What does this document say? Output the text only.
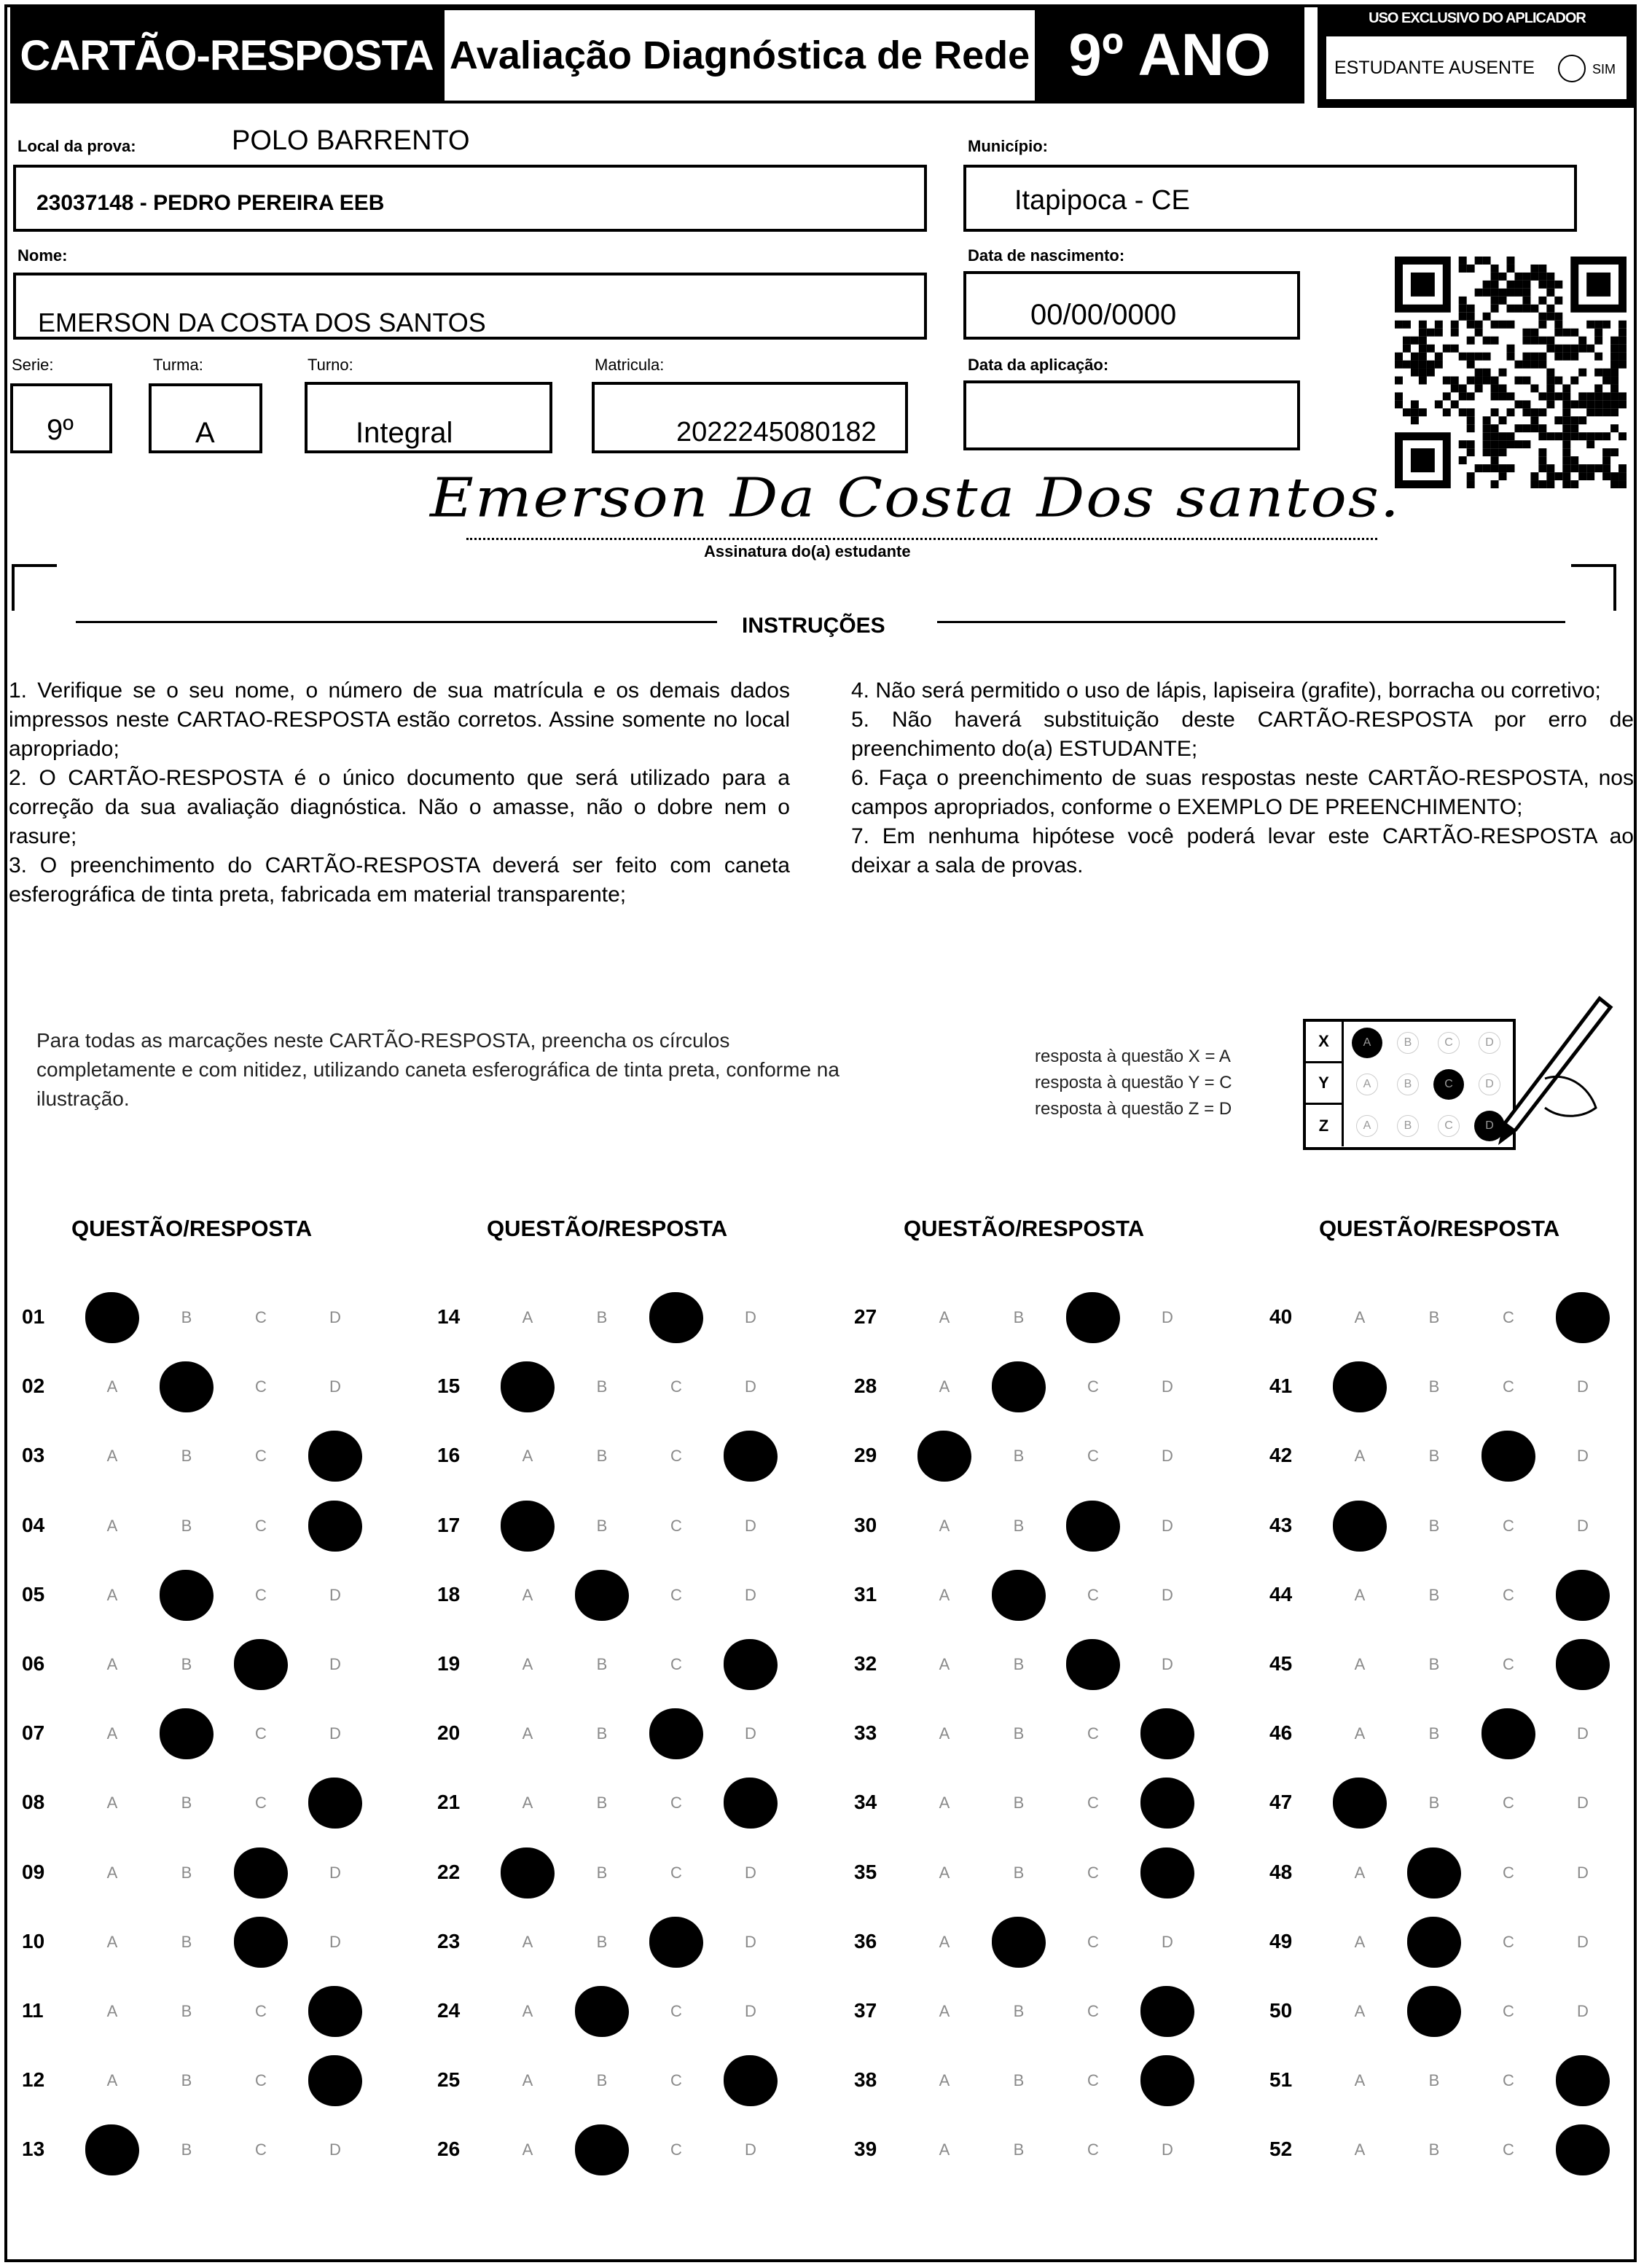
CARTÃO-RESPOSTA Avaliação Diagnóstica de Rede 9º ANO
USO EXCLUSIVO DO APLICADOR
ESTUDANTE AUSENTE	SIM
Local da prova:	POLO BARRENTO
23037148 - PEDRO PEREIRA EEB
Município:
Itapipoca - CE
Nome:
EMERSON DA COSTA DOS SANTOS
Data de nascimento:
00/00/0000
Serie:
9º
Turma:
A
Turno:
Integral
Matricula:
2022245080182
Data da aplicação:
Emerson Da Costa Dos santos.
Assinatura do(a) estudante
INSTRUÇÕES

1. Verifique se o seu nome, o número de sua matrícula e os demais dados impressos neste CARTAO-RESPOSTA estão corretos. Assine somente no local apropriado;

2. O CARTÃO-RESPOSTA é o único documento que será utilizado para a correção da sua avaliação diagnóstica. Não o amasse, não o dobre nem o rasure;

3. O preenchimento do CARTÃO-RESPOSTA deverá ser feito com caneta esferográfica de tinta preta, fabricada em material transparente;

4. Não será permitido o uso de lápis, lapiseira (grafite), borracha ou corretivo;

5. Não haverá substituição deste CARTÃO-RESPOSTA por erro de preenchimento do(a) ESTUDANTE;

6. Faça o preenchimento de suas respostas neste CARTÃO-RESPOSTA, nos campos apropriados, conforme o EXEMPLO DE PREENCHIMENTO;

7. Em nenhuma hipótese você poderá levar este CARTÃO-RESPOSTA ao deixar a sala de provas.

Para todas as marcações neste CARTÃO-RESPOSTA, preencha os círculos completamente e com nitidez, utilizando caneta esferográfica de tinta preta, conforme na ilustração.
resposta à questão X = A
resposta à questão Y = C
resposta à questão Z = D
X	A	B	C	D
Y	A	B	C	D
Z	A	B	C	D
QUESTÃO/RESPOSTA
01	A	B	C	D
02	A	B	C	D
03	A	B	C	D
04	A	B	C	D
05	A	B	C	D
06	A	B	C	D
07	A	B	C	D
08	A	B	C	D
09	A	B	C	D
10	A	B	C	D
11	A	B	C	D
12	A	B	C	D
13	A	B	C	D
QUESTÃO/RESPOSTA
14	A	B	C	D
15	A	B	C	D
16	A	B	C	D
17	A	B	C	D
18	A	B	C	D
19	A	B	C	D
20	A	B	C	D
21	A	B	C	D
22	A	B	C	D
23	A	B	C	D
24	A	B	C	D
25	A	B	C	D
26	A	B	C	D
QUESTÃO/RESPOSTA
27	A	B	C	D
28	A	B	C	D
29	A	B	C	D
30	A	B	C	D
31	A	B	C	D
32	A	B	C	D
33	A	B	C	D
34	A	B	C	D
35	A	B	C	D
36	A	B	C	D
37	A	B	C	D
38	A	B	C	D
39	A	B	C	D
QUESTÃO/RESPOSTA
40	A	B	C	D
41	A	B	C	D
42	A	B	C	D
43	A	B	C	D
44	A	B	C	D
45	A	B	C	D
46	A	B	C	D
47	A	B	C	D
48	A	B	C	D
49	A	B	C	D
50	A	B	C	D
51	A	B	C	D
52	A	B	C	D
